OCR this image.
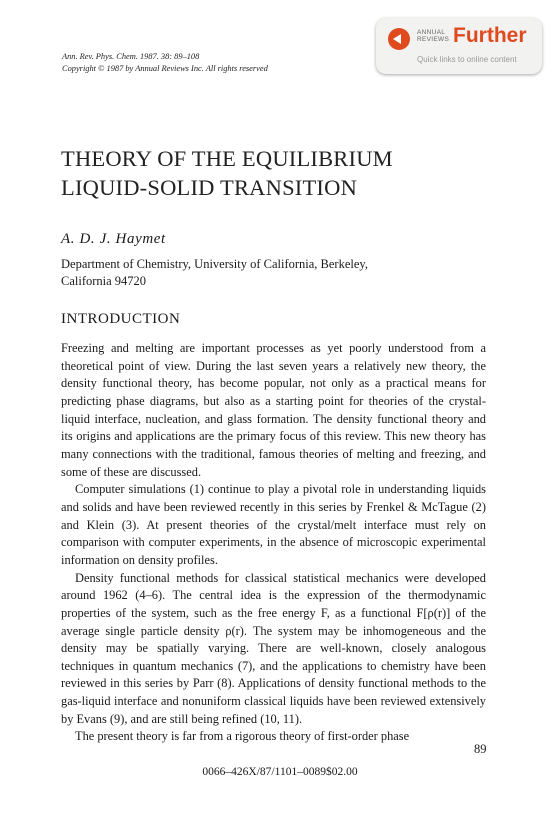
Ann. Rev. Phys. Chem. 1987. 38: 89–108
Copyright © 1987 by Annual Reviews Inc. All rights reserved
ANNUAL
REVIEWS Further
Quick links to online content
THEORY OF THE EQUILIBRIUM
LIQUID-SOLID TRANSITION
A. D. J. Haymet
Department of Chemistry, University of California, Berkeley,
California 94720
INTRODUCTION

Freezing and melting are important processes as yet poorly understood from a theoretical point of view. During the last seven years a relatively new theory, the density functional theory, has become popular, not only as a practical means for predicting phase diagrams, but also as a starting point for theories of the crystal-liquid interface, nucleation, and glass formation. The density functional theory and its origins and applications are the primary focus of this review. This new theory has many connections with the traditional, famous theories of melting and freezing, and some of these are discussed.

Computer simulations (1) continue to play a pivotal role in understanding liquids and solids and have been reviewed recently in this series by Frenkel & McTague (2) and Klein (3). At present theories of the crystal/melt interface must rely on comparison with computer experiments, in the absence of microscopic experimental information on density profiles.

Density functional methods for classical statistical mechanics were developed around 1962 (4–6). The central idea is the expression of the thermodynamic properties of the system, such as the free energy F, as a functional F[ρ(r)] of the average single particle density ρ(r). The system may be inhomogeneous and the density may be spatially varying. There are well-known, closely analogous techniques in quantum mechanics (7), and the applications to chemistry have been reviewed in this series by Parr (8). Applications of density functional methods to the gas-liquid interface and nonuniform classical liquids have been reviewed extensively by Evans (9), and are still being refined (10, 11).

The present theory is far from a rigorous theory of first-order phase

89
0066–426X/87/1101–0089$02.00
